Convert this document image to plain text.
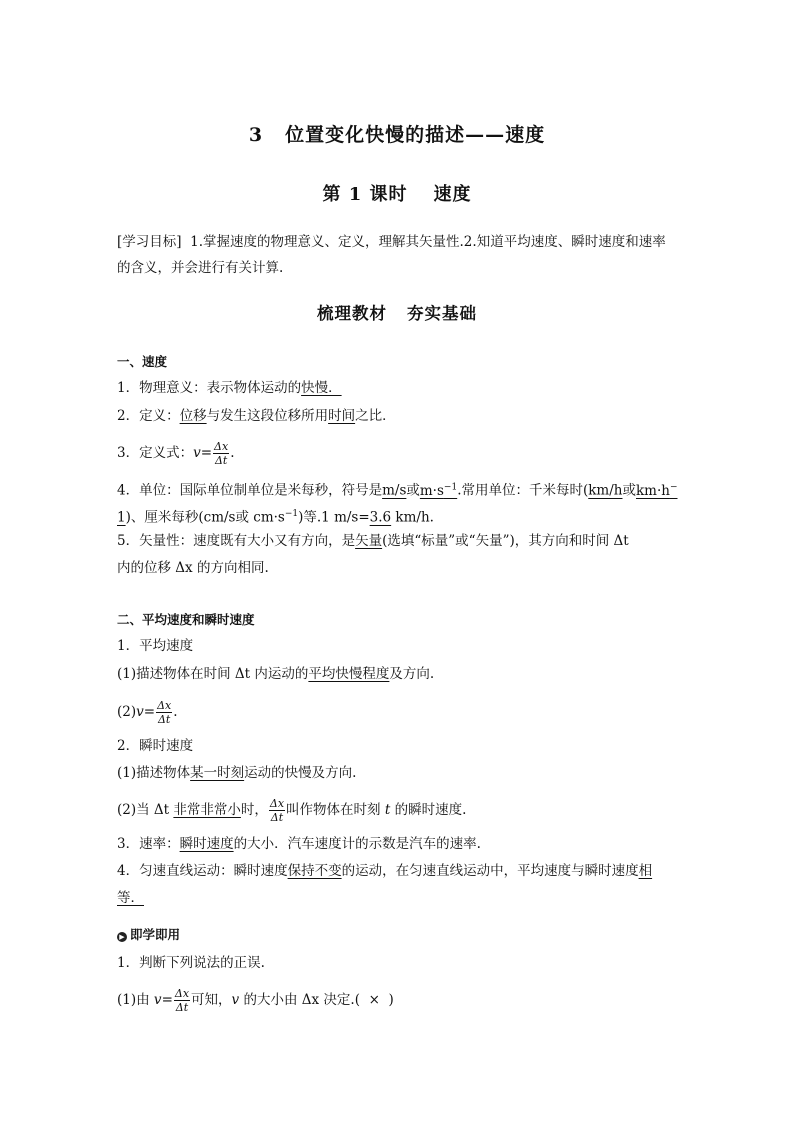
3 位置变化快慢的描述——速度
第 1 课时 速度
[学习目标] 1.掌握速度的物理意义、定义，理解其矢量性.2.知道平均速度、瞬时速度和速率
的含义，并会进行有关计算.
梳理教材 夯实基础
一、速度
1．物理意义：表示物体运动的快慢．
2．定义：位移与发生这段位移所用时间之比．
3．定义式：$v= \frac{\Delta x}{\Delta t}$ .
4．单位：国际单位制单位是米每秒，符号是m/s或$m\cdot s^{-1}$.常用单位：千米每时(km/h或km·h−
1)、厘米每秒(cm/s或 $cm\cdot s^{-1}$)等.1 m/s=3.6 km/h.
5．矢量性：速度既有大小又有方向，是矢量(选填“标量”或“矢量”)，其方向和时间 Δt
内的位移 Δx 的方向相同.
二、平均速度和瞬时速度
1．平均速度
(1)描述物体在时间 Δt 内运动的平均快慢程度及方向.
$(2)v= \frac{\Delta x}{\Delta t}$ .
2．瞬时速度
(1)描述物体某一时刻运动的快慢及方向.
(2)当 Δt 非常非常小时， $\frac{\Delta x}{\Delta t}$ 叫作物体在时刻 t 的瞬时速度.
3．速率：瞬时速度的大小．汽车速度计的示数是汽车的速率.
4．匀速直线运动：瞬时速度保持不变的运动，在匀速直线运动中，平均速度与瞬时速度相
等．
▶ 即学即用
1．判断下列说法的正误.
(1)由 $v= \frac{\Delta x}{\Delta t}$ 可知，v 的大小由 Δx 决定.( × )
